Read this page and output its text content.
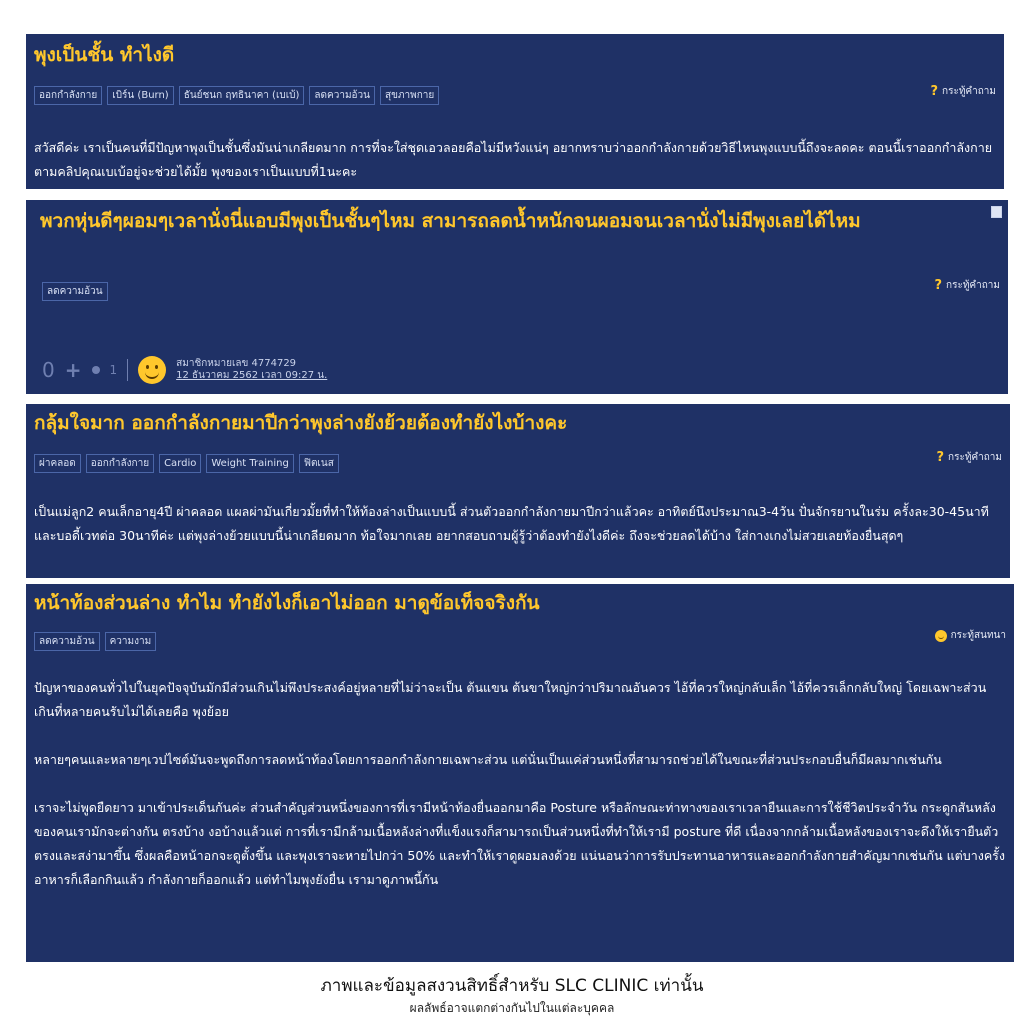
พุงเป็นชั้น ทำไงดี
ออกกำลังกาย	เบิร์น (Burn)	ธันย์ชนก ฤทธินาคา (เบเบ้)	ลดความอ้วน	สุขภาพกาย	? กระทู้คำถาม

สวัสดีค่ะ เราเป็นคนที่มีปัญหาพุงเป็นชั้นซึ่งมันน่าเกลียดมาก การที่จะใส่ชุดเอวลอยคือไม่มีหวังแน่ๆ อยากทราบว่าออกกำลังกายด้วยวิธีไหนพุงแบบนี้ถึงจะลดคะ ตอนนี้เราออกกำลังกายตามคลิปคุณเบเบ้อยู่จะช่วยได้มั้ย พุงของเราเป็นแบบที่1นะคะ

พวกหุ่นดีๆผอมๆเวลานั่งนี่แอบมีพุงเป็นชั้นๆไหม สามารถลดน้ำหนักจนผอมจนเวลานั่งไม่มีพุงเลยได้ไหม
ลดความอ้วน	? กระทู้คำถาม
0 + 1	สมาชิกหมายเลข 4774729
12 ธันวาคม 2562 เวลา 09:27 น.
กลุ้มใจมาก ออกกำลังกายมาปีกว่าพุงล่างยังย้วยต้องทำยังไงบ้างคะ
ผ่าคลอด	ออกกำลังกาย	Cardio	Weight Training	ฟิตเนส	? กระทู้คำถาม

เป็นแม่ลูก2 คนเล็กอายุ4ปี ผ่าคลอด แผลผ่ามันเกี่ยวมั้ยที่ทำให้ท้องล่างเป็นแบบนี้ ส่วนตัวออกกำลังกายมาปีกว่าแล้วคะ อาทิตย์นึงประมาณ3-4วัน ปั่นจักรยานในร่ม ครั้งละ30-45นาที และบอดี้เวทต่อ 30นาทีค่ะ แต่พุงล่างย้วยแบบนี้น่าเกลียดมาก ท้อใจมากเลย อยากสอบถามผู้รู้ว่าต้องทำยังไงดีค่ะ ถึงจะช่วยลดได้บ้าง ใส่กางเกงไม่สวยเลยท้องยื่นสุดๆ

หน้าท้องส่วนล่าง ทำไม ทำยังไงก็เอาไม่ออก มาดูข้อเท็จจริงกัน
ลดความอ้วน	ความงาม
กระทู้สนทนา

ปัญหาของคนทั่วไปในยุคปัจจุบันมักมีส่วนเกินไม่พึงประสงค์อยู่หลายที่ไม่ว่าจะเป็น ต้นแขน ต้นขาใหญ่กว่าปริมาณอันควร ไอ้ที่ควรใหญ่กลับเล็ก ไอ้ที่ควรเล็กกลับใหญ่ โดยเฉพาะส่วนเกินที่หลายคนรับไม่ได้เลยคือ พุงย้อย

หลายๆคนและหลายๆเวปไซต์มันจะพูดถึงการลดหน้าท้องโดยการออกกำลังกายเฉพาะส่วน แต่นั่นเป็นแค่ส่วนหนึ่งที่สามารถช่วยได้ในขณะที่ส่วนประกอบอื่นก็มีผลมากเช่นกัน

เราจะไม่พูดยืดยาว มาเข้าประเด็นกันค่ะ ส่วนสำคัญส่วนหนึ่งของการที่เรามีหน้าท้องยื่นออกมาคือ Posture หรือลักษณะท่าทางของเราเวลายืนและการใช้ชีวิตประจำวัน กระดูกสันหลังของคนเรามักจะต่างกัน ตรงบ้าง งอบ้างแล้วแต่ การที่เรามีกล้ามเนื้อหลังล่างที่แข็งแรงก็สามารถเป็นส่วนหนึ่งที่ทำให้เรามี posture ที่ดี เนื่องจากกล้ามเนื้อหลังของเราจะดึงให้เรายืนตัวตรงและสง่ามาขึ้น ซึ่งผลคือหน้าอกจะดูตั้งขึ้น และพุงเราจะหายไปกว่า 50% และทำให้เราดูผอมลงด้วย แน่นอนว่าการรับประทานอาหารและออกกำลังกายสำคัญมากเช่นกัน แต่บางครั้ง อาหารก็เลือกกินแล้ว กำลังกายก็ออกแล้ว แต่ทำไมพุงยังยื่น เรามาดูภาพนี้กัน

ภาพและข้อมูลสงวนสิทธิ์สำหรับ SLC CLINIC เท่านั้น
ผลลัพธ์อาจแตกต่างกันไปในแต่ละบุคคล
